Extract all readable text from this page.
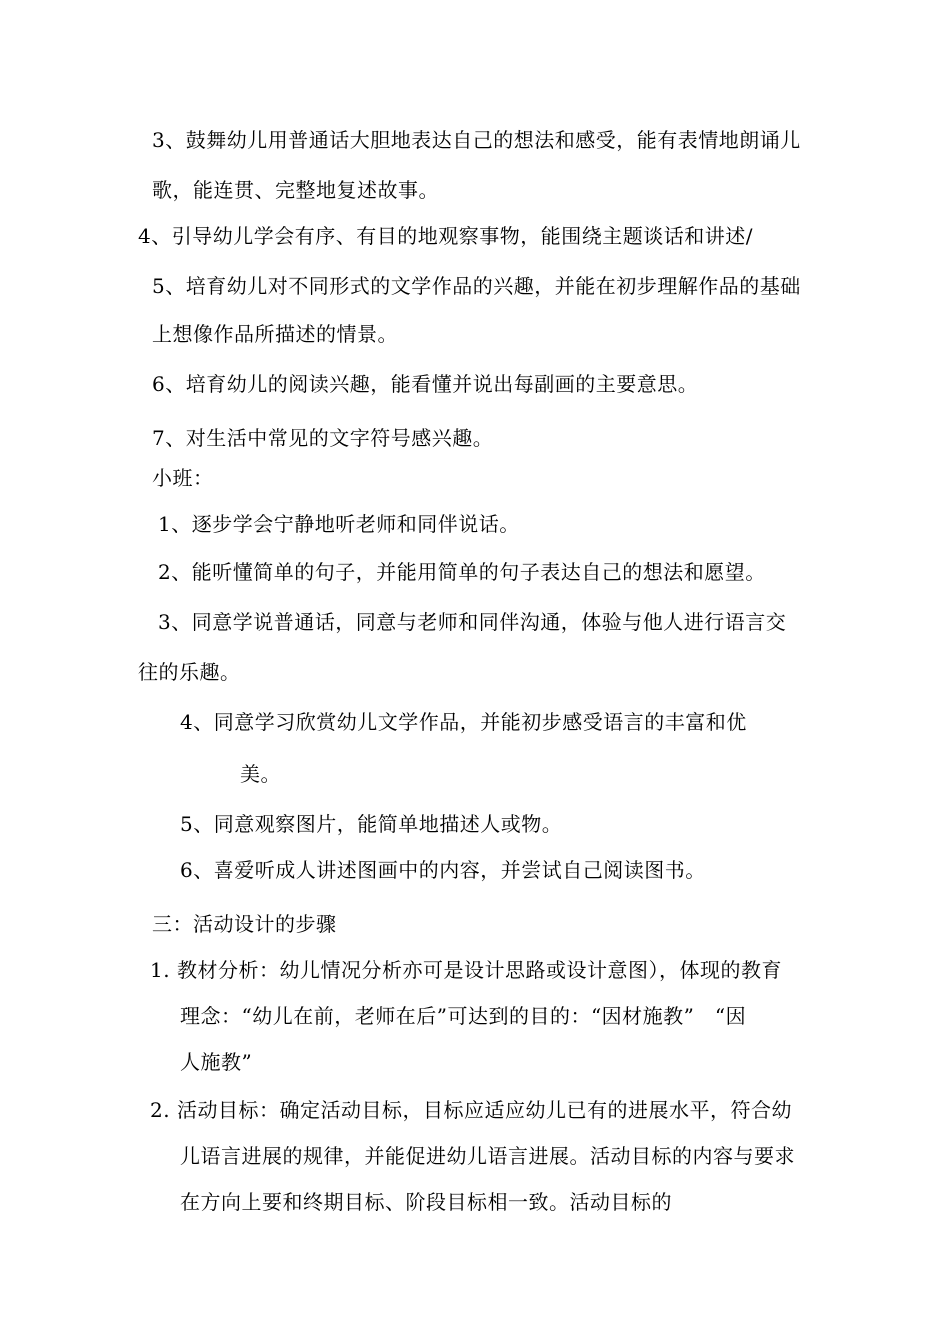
3、鼓舞幼儿用普通话大胆地表达自己的想法和感受，能有表情地朗诵儿
歌，能连贯、完整地复述故事。
4、引导幼儿学会有序、有目的地观察事物，能围绕主题谈话和讲述/
5、培育幼儿对不同形式的文学作品的兴趣，并能在初步理解作品的基础
上想像作品所描述的情景。
6、培育幼儿的阅读兴趣，能看懂并说出每副画的主要意思。
7、对生活中常见的文字符号感兴趣。
小班：
1、逐步学会宁静地听老师和同伴说话。
2、能听懂简单的句子，并能用简单的句子表达自己的想法和愿望。
3、同意学说普通话，同意与老师和同伴沟通，体验与他人进行语言交
往的乐趣。
4、同意学习欣赏幼儿文学作品，并能初步感受语言的丰富和优
美。
5、同意观察图片，能简单地描述人或物。
6、喜爱听成人讲述图画中的内容，并尝试自己阅读图书。
三：活动设计的步骤
1. 教材分析：幼儿情况分析亦可是设计思路或设计意图），体现的教育
理念：“幼儿在前，老师在后”可达到的目的：“因材施教”　“因
人施教”
2. 活动目标：确定活动目标，目标应适应幼儿已有的进展水平，符合幼
儿语言进展的规律，并能促进幼儿语言进展。活动目标的内容与要求
在方向上要和终期目标、阶段目标相一致。活动目标的
